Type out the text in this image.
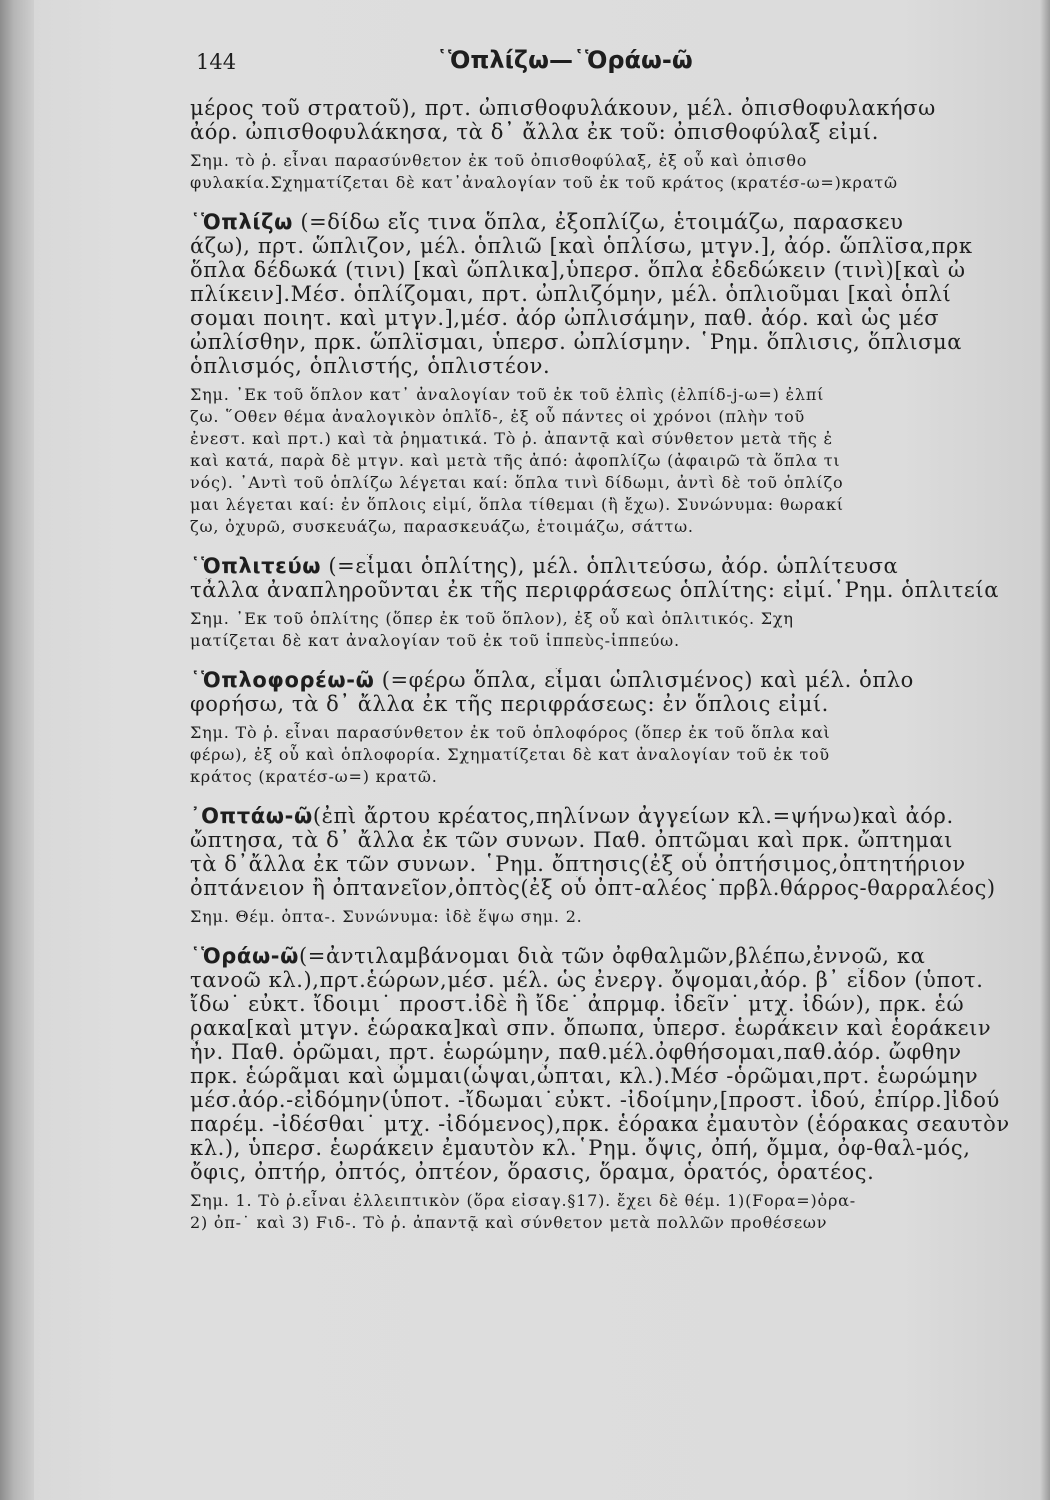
144	῾Ὁπλίζω—῾Ὁράω-ῶ
μέρος τοῦ στρατοῦ), πρτ. ὠπισθοφυλάκουν, μέλ. ὀπισθοφυλακήσω
ἀόρ. ὠπισθοφυλάκησα, τὰ δ᾽ ἄλλα ἐκ τοῦ: ὀπισθοφύλαξ εἰμί.
Σημ. τὸ ῥ. εἶναι παρασύνθετον ἐκ τοῦ ὀπισθοφύλαξ, ἐξ οὗ καὶ ὀπισθο
φυλακία.Σχηματίζεται δὲ κατ᾽ἀναλογίαν τοῦ ἐκ τοῦ κράτος (κρατέσ-ω=)κρατῶ
῾Ὁπλίζω (=δίδω εἴς τινα ὅπλα, ἐξοπλίζω, ἑτοιμάζω, παρασκευ
άζω), πρτ. ὥπλιζον, μέλ. ὁπλιῶ [καὶ ὁπλίσω, μτγν.], ἀόρ. ὥπλϊσα,πρκ
ὅπλα δέδωκά (τινι) [καὶ ὥπλικα],ὑπερσ. ὅπλα ἐδεδώκειν (τινὶ)[καὶ ὠ
πλίκειν].Μέσ. ὁπλίζομαι, πρτ. ὠπλιζόμην, μέλ. ὁπλιοῦμαι [καὶ ὁπλί
σομαι ποιητ. καὶ μτγν.],μέσ. ἀόρ ὠπλισάμην, παθ. ἀόρ. καὶ ὡς μέσ
ὠπλίσθην, πρκ. ὥπλϊσμαι, ὑπερσ. ὠπλίσμην. ῾Ρημ. ὅπλισις, ὅπλισμα
ὁπλισμός, ὁπλιστής, ὁπλιστέον.
Σημ. ᾽Εκ τοῦ ὅπλον κατ᾽ ἀναλογίαν τοῦ ἐκ τοῦ ἐλπὶς (ἐλπίδ-j-ω=) ἐλπί
ζω. ῞Οθεν θέμα ἀναλογικὸν ὁπλἴδ-, ἐξ οὗ πάντες οἱ χρόνοι (πλὴν τοῦ
ἐνεστ. καὶ πρτ.) καὶ τὰ ῥηματικά. Τὸ ῥ. ἀπαντᾷ καὶ σύνθετον μετὰ τῆς ἐ
καὶ κατά, παρὰ δὲ μτγν. καὶ μετὰ τῆς ἀπό: ἀφοπλίζω (ἀφαιρῶ τὰ ὅπλα τι
νός). ᾽Αντὶ τοῦ ὁπλίζω λέγεται καί: ὅπλα τινὶ δίδωμι, ἀντὶ δὲ τοῦ ὁπλίζο
μαι λέγεται καί: ἐν ὅπλοις εἰμί, ὅπλα τίθεμαι (ἢ ἔχω). Συνώνυμα: θωρακί
ζω, ὀχυρῶ, συσκευάζω, παρασκευάζω, ἑτοιμάζω, σάττω.
῾Ὁπλιτεύω (=εἶμαι ὁπλίτης), μέλ. ὁπλιτεύσω, ἀόρ. ὡπλίτευσα
τἆλλα ἀναπληροῦνται ἐκ τῆς περιφράσεως ὁπλίτης: εἰμί.῾Ρημ. ὁπλιτεία
Σημ. ᾽Εκ τοῦ ὁπλίτης (ὅπερ ἐκ τοῦ ὅπλον), ἐξ οὗ καὶ ὁπλιτικός. Σχη
ματίζεται δὲ κατ ἀναλογίαν τοῦ ἐκ τοῦ ἱππεὺς-ἱππεύω.
῾Ὁπλοφορέω-ῶ (=φέρω ὅπλα, εἶμαι ὡπλισμένος) καὶ μέλ. ὁπλο
φορήσω, τὰ δ᾽ ἄλλα ἐκ τῆς περιφράσεως: ἐν ὅπλοις εἰμί.
Σημ. Τὸ ῥ. εἶναι παρασύνθετον ἐκ τοῦ ὁπλοφόρος (ὅπερ ἐκ τοῦ ὅπλα καὶ
φέρω), ἐξ οὗ καὶ ὁπλοφορία. Σχηματίζεται δὲ κατ ἀναλογίαν τοῦ ἐκ τοῦ
κράτος (κρατέσ-ω=) κρατῶ.
᾽Οπτάω-ῶ(ἐπὶ ἄρτου κρέατος,πηλίνων ἀγγείων κλ.=ψήνω)καὶ ἀόρ.
ὤπτησα, τὰ δ᾽ ἄλλα ἐκ τῶν συνων. Παθ. ὀπτῶμαι καὶ πρκ. ὤπτημαι
τὰ δ᾽ἄλλα ἐκ τῶν συνων. ῾Ρημ. ὄπτησις(ἐξ οὗ ὀπτήσιμος,ὀπτητήριον
ὀπτάνειον ἢ ὀπτανεῖον,ὀπτὸς(ἐξ οὗ ὀπτ-αλέος˙πρβλ.θάρρος-θαρραλέος)
Σημ. Θέμ. ὀπτα-. Συνώνυμα: ἰδὲ ἕψω σημ. 2.
῾Ὁράω-ῶ(=ἀντιλαμβάνομαι διὰ τῶν ὀφθαλμῶν,βλέπω,ἐννοῶ, κα
τανοῶ κλ.),πρτ.ἑώρων,μέσ. μέλ. ὡς ἐνεργ. ὄψομαι,ἀόρ. β᾽ εἶδον (ὑποτ.
ἴδω˙ εὐκτ. ἴδοιμι˙ προστ.ἰδὲ ἢ ἴδε˙ ἀπρμφ. ἰδεῖν˙ μτχ. ἰδών), πρκ. ἑώ
ρακα[καὶ μτγν. ἑώρακα]καὶ σπν. ὄπωπα, ὑπερσ. ἑωράκειν καὶ ἑοράκειν
ἦν. Παθ. ὁρῶμαι, πρτ. ἑωρώμην, παθ.μέλ.ὀφθήσομαι,παθ.ἀόρ. ὤφθην
πρκ. ἑώρᾶμαι καὶ ὦμμαι(ὦψαι,ὦπται, κλ.).Μέσ -ὁρῶμαι,πρτ. ἑωρώμην
μέσ.ἀόρ.-εἰδόμην(ὑποτ. -ἴδωμαι˙εὐκτ. -ἰδοίμην,[προστ. ἰδού, ἐπίρρ.]ἰδού
παρέμ. -ἰδέσθαι˙ μτχ. -ἰδόμενος),πρκ. ἑόρακα ἐμαυτὸν (ἑόρακας σεαυτὸν
κλ.), ὑπερσ. ἑωράκειν ἐμαυτὸν κλ.῾Ρημ. ὄψις, ὀπή, ὄμμα, ὀφ-θαλ-μός,
ὄφις, ὀπτήρ, ὀπτός, ὀπτέον, ὅρασις, ὅραμα, ὁρατός, ὁρατέος.
Σημ. 1. Τὸ ῥ.εἶναι ἐλλειπτικὸν (ὅρα εἰσαγ.§17). ἔχει δὲ θέμ. 1)(Fορα=)ὁρα-
2) ὀπ-˙ καὶ 3) Fιδ-. Τὸ ῥ. ἀπαντᾷ καὶ σύνθετον μετὰ πολλῶν προθέσεων
